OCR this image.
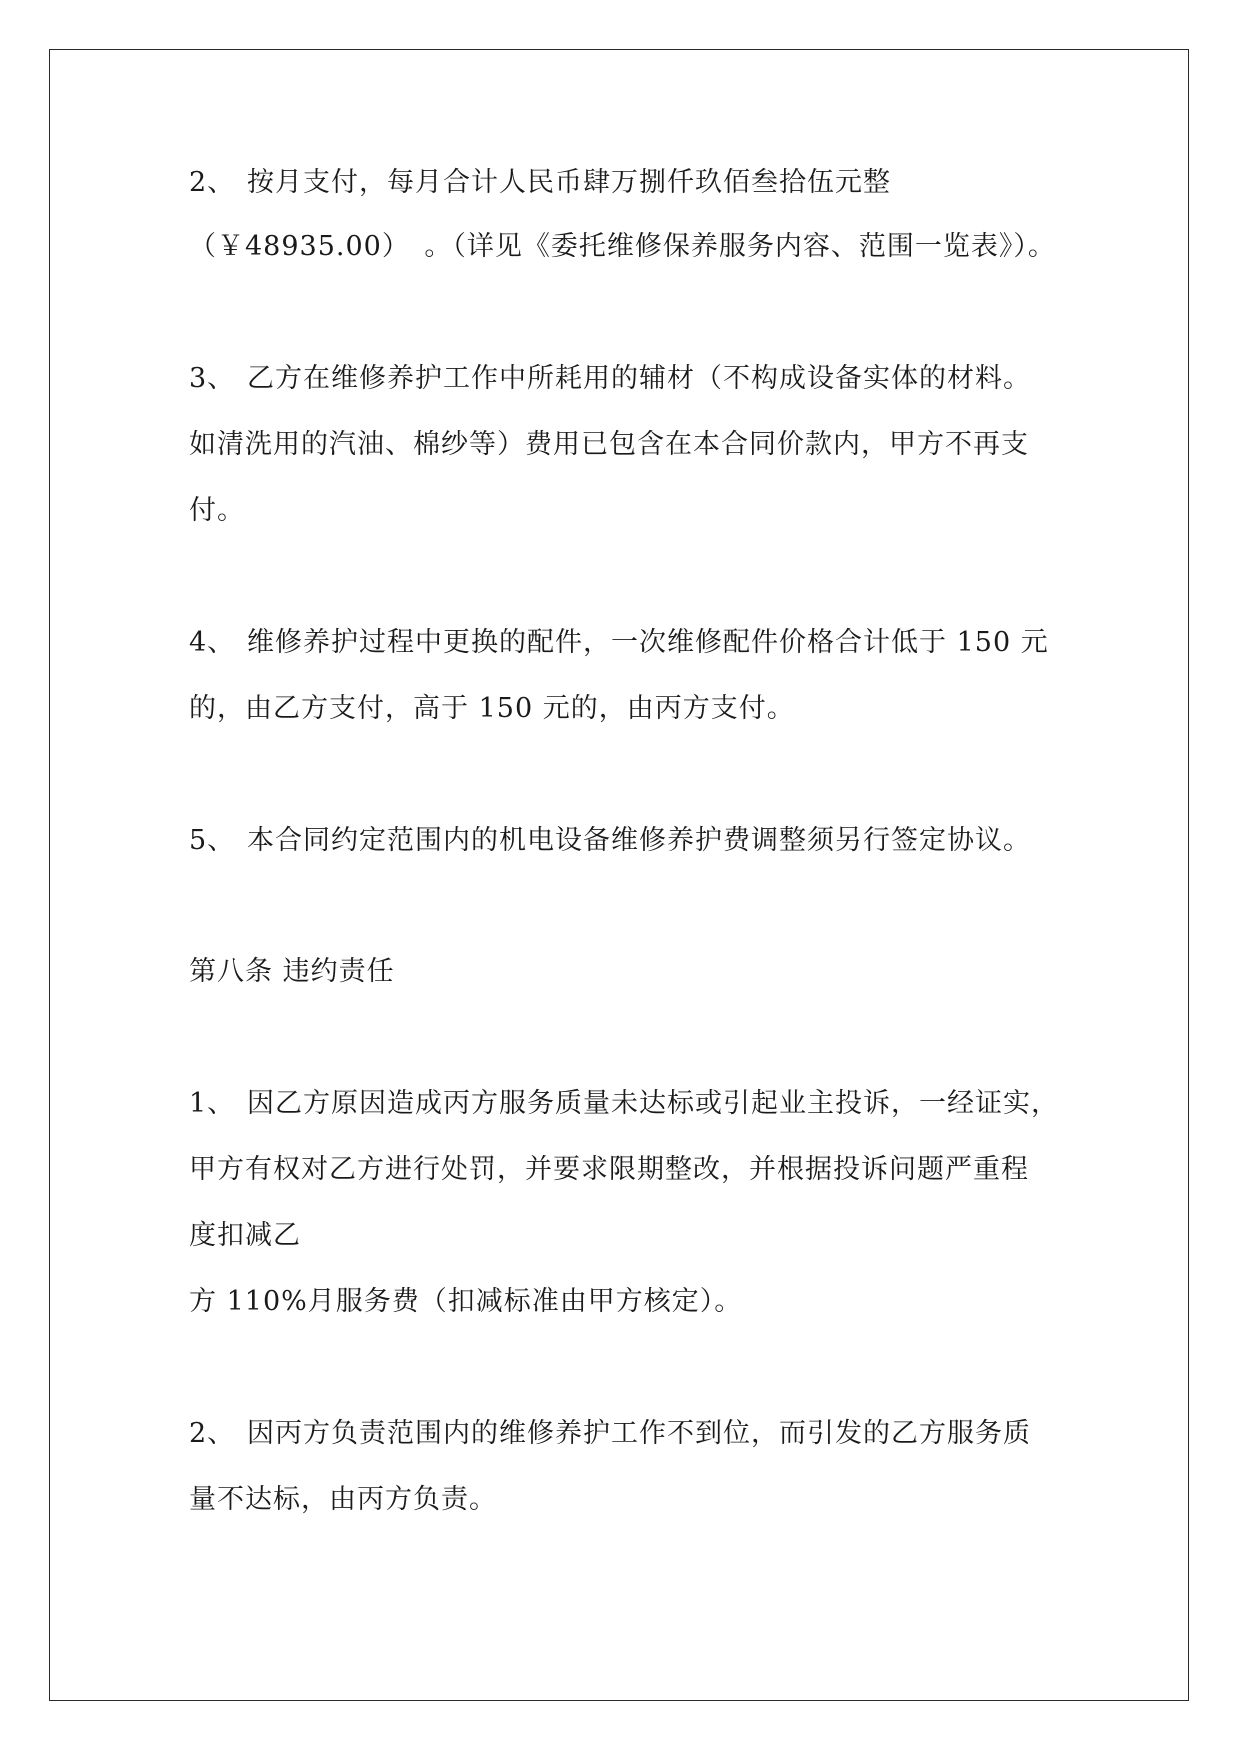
2、 按月支付，每月合计人民币肆万捌仟玖佰叁拾伍元整
（￥48935.00）　。（详见《委托维修保养服务内容、范围一览表》）。
3、 乙方在维修养护工作中所耗用的辅材（不构成设备实体的材料。
如清洗用的汽油、棉纱等）费用已包含在本合同价款内，甲方不再支
付。
4、 维修养护过程中更换的配件，一次维修配件价格合计低于 150 元
的，由乙方支付，高于 150 元的，由丙方支付。
5、 本合同约定范围内的机电设备维修养护费调整须另行签定协议。
第八条 违约责任
1、 因乙方原因造成丙方服务质量未达标或引起业主投诉，一经证实，
甲方有权对乙方进行处罚，并要求限期整改，并根据投诉问题严重程
度扣减乙
方 110%月服务费（扣减标准由甲方核定）。
2、 因丙方负责范围内的维修养护工作不到位，而引发的乙方服务质
量不达标，由丙方负责。
